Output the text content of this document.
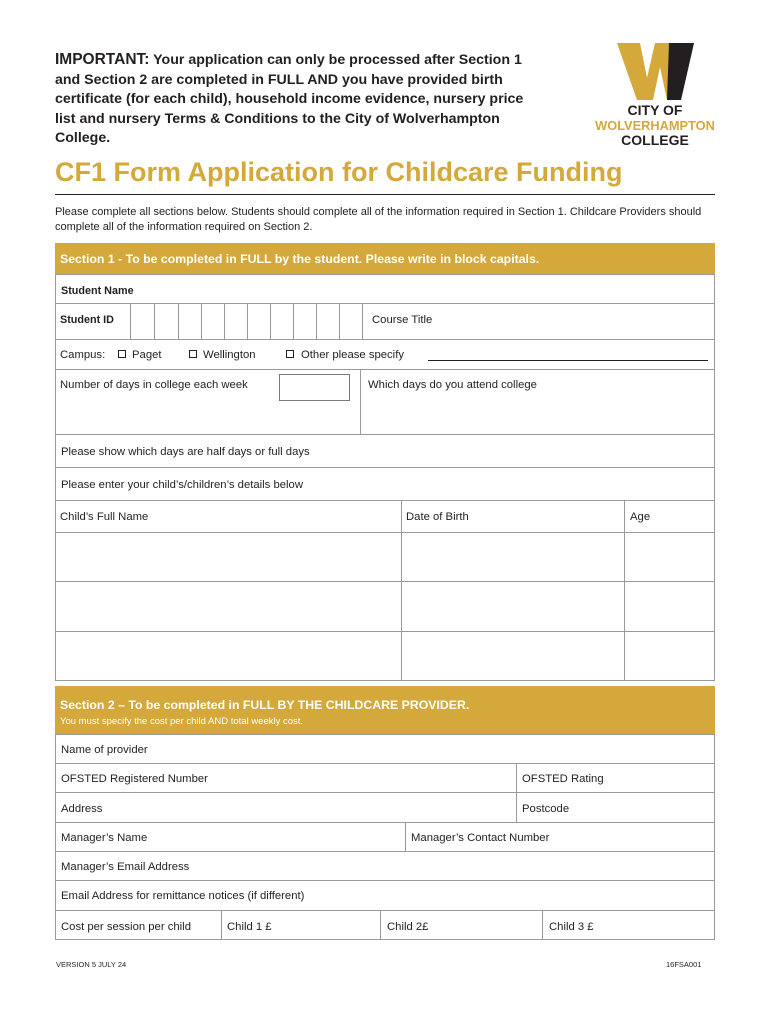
IMPORTANT: Your application can only be processed after Section 1 and Section 2 are completed in FULL AND you have provided birth certificate (for each child), household income evidence, nursery price list and nursery Terms & Conditions to the City of Wolverhampton College.
CITY OF
WOLVERHAMPTON
COLLEGE
CF1 Form Application for Childcare Funding
Please complete all sections below. Students should complete all of the information required in Section 1. Childcare Providers should complete all of the information required on Section 2.
Section 1 - To be completed in FULL by the student. Please write in block capitals.
Student Name
Student ID	Course Title
Campus: Paget	Wellington	Other please specify
Number of days in college each week	Which days do you attend college
Please show which days are half days or full days
Please enter your child’s/children’s details below
Child’s Full Name	Date of Birth	Age
Section 2 – To be completed in FULL BY THE CHILDCARE PROVIDER.
You must specify the cost per child AND total weekly cost.
Name of provider
OFSTED Registered Number	OFSTED Rating
Address	Postcode
Manager’s Name	Manager’s Contact Number
Manager’s Email Address
Email Address for remittance notices (if different)
Cost per session per child	Child 1 £	Child 2£	Child 3 £
VERSION 5 JULY 24	16FSA001
